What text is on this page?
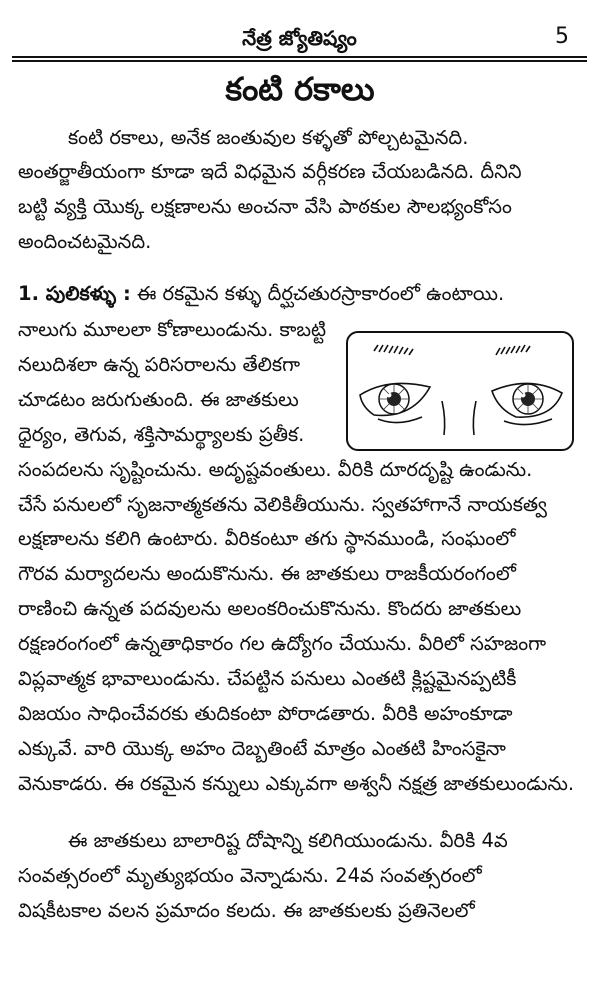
నేత్ర జ్యోతిష్యం	5
కంటి రకాలు
కంటి రకాలు, అనేక జంతువుల కళ్ళతో పోల్చటమైనది.
అంతర్జాతీయంగా కూడా ఇదే విధమైన వర్గీకరణ చేయబడినది. దీనిని
బట్టి వ్యక్తి యొక్క లక్షణాలను అంచనా వేసి పాఠకుల సౌలభ్యంకోసం
అందించటమైనది.
1. పులికళ్ళు : ఈ రకమైన కళ్ళు దీర్ఘచతురస్రాకారంలో ఉంటాయి.
నాలుగు మూలలా కోణాలుండును. కాబట్టి
నలుదిశలా ఉన్న పరిసరాలను తేలికగా
చూడటం జరుగుతుంది. ఈ జాతకులు
ధైర్యం, తెగువ, శక్తిసామర్థ్యాలకు ప్రతీక.
సంపదలను సృష్టించును. అదృష్టవంతులు. వీరికి దూరదృష్టి ఉండును.
చేసే పనులలో సృజనాత్మకతను వెలికితీయును. స్వతహాగానే నాయకత్వ
లక్షణాలను కలిగి ఉంటారు. వీరికంటూ తగు స్థానముండి, సంఘంలో
గౌరవ మర్యాదలను అందుకొనును. ఈ జాతకులు రాజకీయరంగంలో
రాణించి ఉన్నత పదవులను అలంకరించుకొనును. కొందరు జాతకులు
రక్షణరంగంలో ఉన్నతాధికారం గల ఉద్యోగం చేయును. వీరిలో సహజంగా
విప్లవాత్మక భావాలుండును. చేపట్టిన పనులు ఎంతటి క్లిష్టమైనప్పటికీ
విజయం సాధించేవరకు తుదికంటా పోరాడతారు. వీరికి అహంకూడా
ఎక్కువే. వారి యొక్క అహం దెబ్బతింటే మాత్రం ఎంతటి హింసకైనా
వెనుకాడరు. ఈ రకమైన కన్నులు ఎక్కువగా అశ్వనీ నక్షత్ర జాతకులుండును.
ఈ జాతకులు బాలారిష్ట దోషాన్ని కలిగియుండును. వీరికి 4వ
సంవత్సరంలో మృత్యుభయం వెన్నాడును. 24వ సంవత్సరంలో
విషకీటకాల వలన ప్రమాదం కలదు. ఈ జాతకులకు ప్రతినెలలో
